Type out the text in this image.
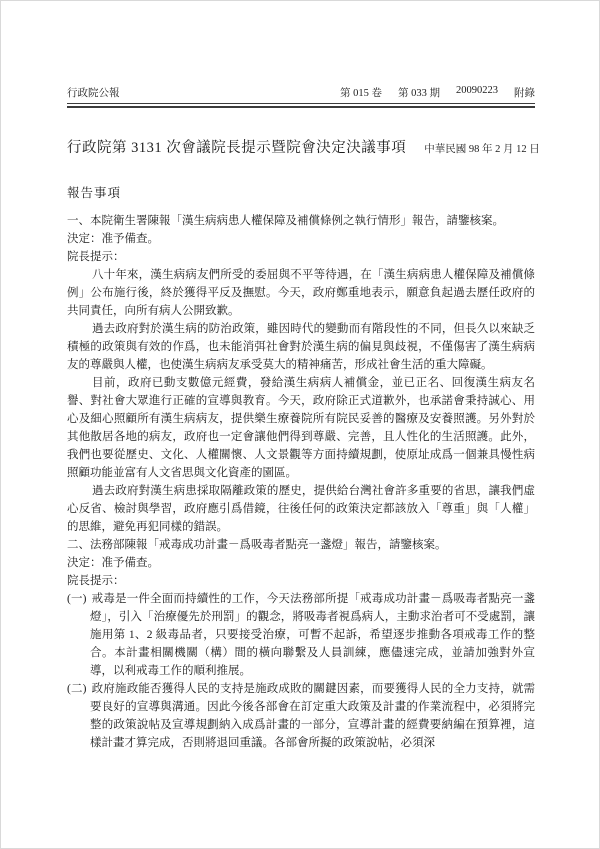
行政院公報	第 015 卷 第 033 期 20090223 附錄
行政院第 3131 次會議院長提示暨院會決定決議事項 中華民國 98 年 2 月 12 日
報告事項

一、本院衛生署陳報「漢生病病患人權保障及補償條例之執行情形」報告，請鑒核案。

決定：准予備查。

院長提示：

八十年來，漢生病病友們所受的委屈與不平等待遇，在「漢生病病患人權保障及補償條例」公布施行後，終於獲得平反及撫慰。今天，政府鄭重地表示，願意負起過去歷任政府的共同責任，向所有病人公開致歉。

過去政府對於漢生病的防治政策，雖因時代的變動而有階段性的不同，但長久以來缺乏積極的政策與有效的作爲，也未能消弭社會對於漢生病的偏見與歧視，不僅傷害了漢生病病友的尊嚴與人權，也使漢生病病友承受莫大的精神痛苦，形成社會生活的重大障礙。

目前，政府已動支數億元經費，發給漢生病病人補償金，並已正名、回復漢生病友名譽、對社會大眾進行正確的宣導與教育。今天，政府除正式道歉外，也承諾會秉持誠心、用心及細心照顧所有漢生病病友，提供樂生療養院所有院民妥善的醫療及安養照護。另外對於其他散居各地的病友，政府也一定會讓他們得到尊嚴、完善，且人性化的生活照護。此外，我們也要從歷史、文化、人權關懷、人文景觀等方面持續規劃，使原址成爲一個兼具慢性病照顧功能並富有人文省思與文化資產的園區。

過去政府對漢生病患採取隔離政策的歷史，提供給台灣社會許多重要的省思，讓我們虛心反省、檢討與學習，政府應引爲借鏡，往後任何的政策決定都該放入「尊重」與「人權」的思維，避免再犯同樣的錯誤。

二、法務部陳報「戒毒成功計畫－爲吸毒者點亮一盞燈」報告，請鑒核案。

決定：准予備查。

院長提示：

(一) 戒毒是一件全面而持續性的工作，今天法務部所提「戒毒成功計畫－爲吸毒者點亮一盞燈」，引入「治療優先於刑罰」的觀念，將吸毒者視爲病人，主動求治者可不受處罰，讓施用第 1、2 級毒品者，只要接受治療，可暫不起訴，希望逐步推動各項戒毒工作的整合。本計畫相關機關（構）間的橫向聯繫及人員訓練，應儘速完成，並請加強對外宣導，以利戒毒工作的順利推展。

(二) 政府施政能否獲得人民的支持是施政成敗的關鍵因素，而要獲得人民的全力支持，就需要良好的宣導與溝通。因此今後各部會在訂定重大政策及計畫的作業流程中，必須將完整的政策說帖及宣導規劃納入成爲計畫的一部分，宣導計畫的經費要納編在預算裡，這樣計畫才算完成，否則將退回重議。各部會所擬的政策說帖，必須深
